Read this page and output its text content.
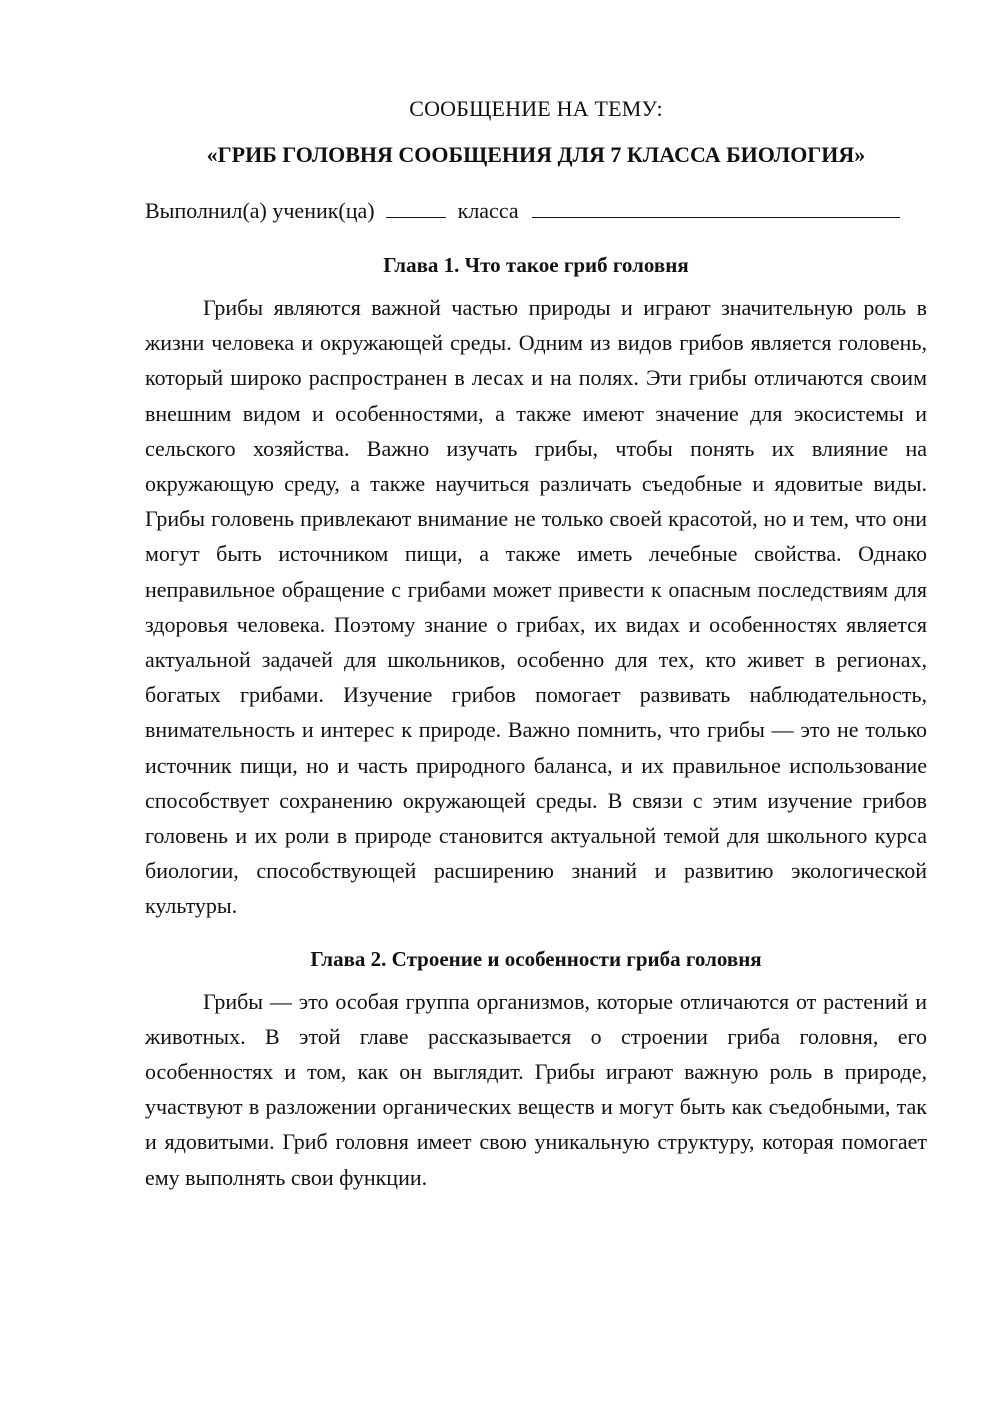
СООБЩЕНИЕ НА ТЕМУ:

«ГРИБ ГОЛОВНЯ СООБЩЕНИЯ ДЛЯ 7 КЛАССА БИОЛОГИЯ»

Выполнил(а) ученик(ца)	класса

Глава 1. Что такое гриб головня

Грибы являются важной частью природы и играют значительную роль в жизни человека и окружающей среды. Одним из видов грибов является головень, который широко распространен в лесах и на полях. Эти грибы отличаются своим внешним видом и особенностями, а также имеют значение для экосистемы и сельского хозяйства. Важно изучать грибы, чтобы понять их влияние на окружающую среду, а также научиться различать съедобные и ядовитые виды. Грибы головень привлекают внимание не только своей красотой, но и тем, что они могут быть источником пищи, а также иметь лечебные свойства. Однако неправильное обращение с грибами может привести к опасным последствиям для здоровья человека. Поэтому знание о грибах, их видах и особенностях является актуальной задачей для школьников, особенно для тех, кто живет в регионах, богатых грибами. Изучение грибов помогает развивать наблюдательность, внимательность и интерес к природе. Важно помнить, что грибы — это не только источник пищи, но и часть природного баланса, и их правильное использование способствует сохранению окружающей среды. В связи с этим изучение грибов головень и их роли в природе становится актуальной темой для школьного курса биологии, способствующей расширению знаний и развитию экологической культуры.

Глава 2. Строение и особенности гриба головня

Грибы — это особая группа организмов, которые отличаются от растений и животных. В этой главе рассказывается о строении гриба головня, его особенностях и том, как он выглядит. Грибы играют важную роль в природе, участвуют в разложении органических веществ и могут быть как съедобными, так и ядовитыми. Гриб головня имеет свою уникальную структуру, которая помогает ему выполнять свои функции.
